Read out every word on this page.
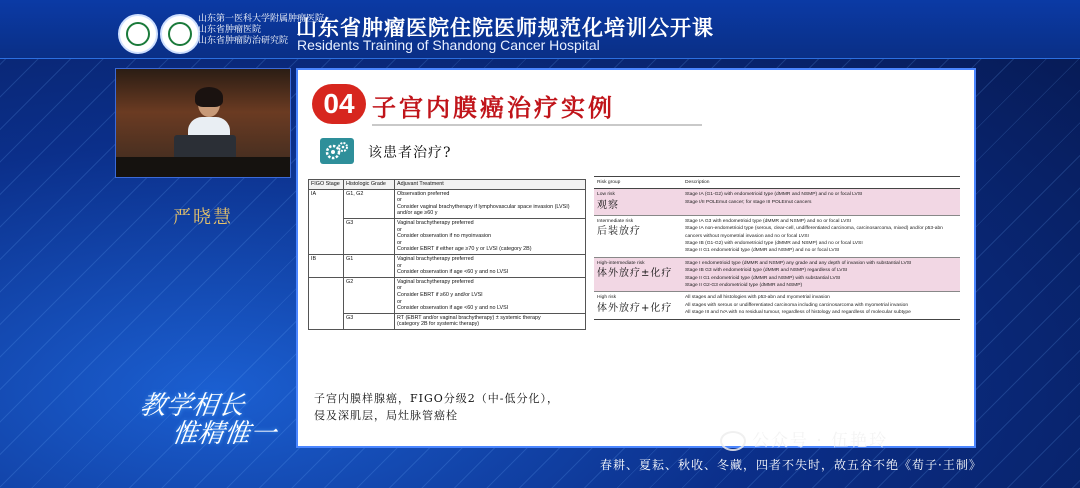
山东第一医科大学附属肿瘤医院
山东省肿瘤医院
山东省肿瘤防治研究院
山东省肿瘤医院住院医师规范化培训公开课
Residents Training of Shandong Cancer Hospital
严晓慧
教学相长
惟精惟一
04 子宫内膜癌治疗实例
该患者治疗?
FIGO Stage	Histologic Grade	Adjuvant Treatment
IA	G1, G2	Observation preferred
or
Consider vaginal brachytherapy if lymphovascular space invasion (LVSI) and/or age ≥60 y
	G3	Vaginal brachytherapy preferred
or
Consider observation if no myoinvasion
or
Consider EBRT if either age ≥70 y or LVSI (category 2B)
IB	G1	Vaginal brachytherapy preferred
or
Consider observation if age <60 y and no LVSI
	G2	Vaginal brachytherapy preferred
or
Consider EBRT if ≥60 y and/or LVSI
or
Consider observation if age <60 y and no LVSI
	G3	RT (EBRT and/or vaginal brachytherapy) ± systemic therapy
(category 2B for systemic therapy)
Risk group	Description
Low risk
观察	Stage IA (G1-G2) with endometrioid type (dMMR and NSMP) and no or focal LVSI
Stage I/II POLEmut cancer; for stage III POLEmut cancers
Intermediate risk
后装放疗	Stage IA G3 with endometrioid type (dMMR and NSMP) and no or focal LVSI
Stage IA non-endometrioid type (serous, clear-cell, undifferentiated carcinoma, carcinosarcoma, mixed) and/or p53-abn cancers without myometrial invasion and no or focal LVSI
Stage IB (G1-G2) with endometrioid type (dMMR and NSMP) and no or focal LVSI
Stage II G1 endometrioid type (dMMR and NSMP) and no or focal LVSI
High-intermediate risk
体外放疗±化疗	Stage I endometrioid type (dMMR and NSMP) any grade and any depth of invasion with substantial LVSI
Stage IB G3 with endometrioid type (dMMR and NSMP) regardless of LVSI
Stage II G1 endometrioid type (dMMR and NSMP) with substantial LVSI
Stage II G2-G3 endometrioid type (dMMR and NSMP)
High risk
体外放疗+化疗	All stages and all histologies with p53-abn and myometrial invasion
All stages with serous or undifferentiated carcinoma including carcinosarcoma with myometrial invasion
All stage III and IVA with no residual tumour, regardless of histology and regardless of molecular subtype
子宫内膜样腺癌，FIGO分级2（中-低分化），
侵及深肌层，局灶脉管癌栓
公众号 · 伍艳玲
春耕、夏耘、秋收、冬藏，四者不失时，故五谷不绝《荀子·王制》
